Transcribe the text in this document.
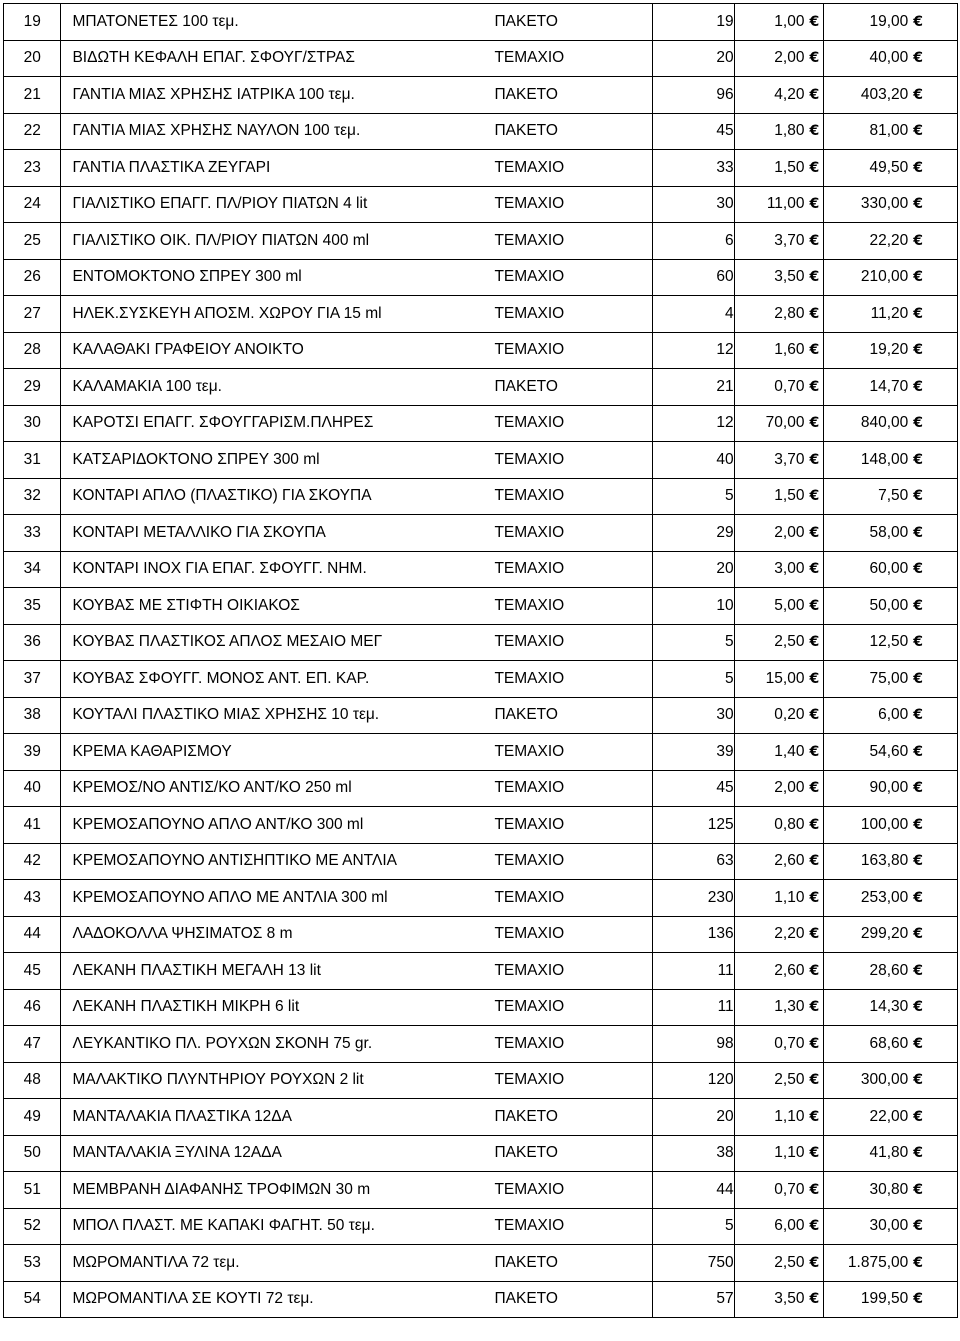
19	ΜΠΑΤΟΝΕΤΕΣ 100 τεμ. ΠΑΚΕΤΟ	19	1,00 €	19,00 €
20	ΒΙΔΩΤΗ ΚΕΦΑΛΗ ΕΠΑΓ. ΣΦΟΥΓ/ΣΤΡΑΣ ΤΕΜΑΧΙΟ	20	2,00 €	40,00 €
21	ΓΑΝΤΙΑ ΜΙΑΣ ΧΡΗΣΗΣ ΙΑΤΡΙΚΑ 100 τεμ. ΠΑΚΕΤΟ	96	4,20 €	403,20 €
22	ΓΑΝΤΙΑ ΜΙΑΣ ΧΡΗΣΗΣ ΝΑΥΛΟΝ 100 τεμ. ΠΑΚΕΤΟ	45	1,80 €	81,00 €
23	ΓΑΝΤΙΑ ΠΛΑΣΤΙΚΑ ΖΕΥΓΑΡΙ ΤΕΜΑΧΙΟ	33	1,50 €	49,50 €
24	ΓΙΑΛΙΣΤΙΚΟ ΕΠΑΓΓ. ΠΛ/ΡΙΟΥ ΠΙΑΤΩΝ 4 lit ΤΕΜΑΧΙΟ	30	11,00 €	330,00 €
25	ΓΙΑΛΙΣΤΙΚΟ ΟΙΚ. ΠΛ/ΡΙΟΥ ΠΙΑΤΩΝ 400 ml ΤΕΜΑΧΙΟ	6	3,70 €	22,20 €
26	ΕΝΤΟΜΟΚΤΟΝΟ ΣΠΡΕΥ 300 ml ΤΕΜΑΧΙΟ	60	3,50 €	210,00 €
27	ΗΛΕΚ.ΣΥΣΚΕΥΗ ΑΠΟΣΜ. ΧΩΡΟΥ ΓΙΑ 15 ml ΤΕΜΑΧΙΟ	4	2,80 €	11,20 €
28	ΚΑΛΑΘΑΚΙ ΓΡΑΦΕΙΟΥ ΑΝΟΙΚΤΟ ΤΕΜΑΧΙΟ	12	1,60 €	19,20 €
29	ΚΑΛΑΜΑΚΙΑ 100 τεμ. ΠΑΚΕΤΟ	21	0,70 €	14,70 €
30	ΚΑΡΟΤΣΙ ΕΠΑΓΓ. ΣΦΟΥΓΓΑΡΙΣΜ.ΠΛΗΡΕΣ ΤΕΜΑΧΙΟ	12	70,00 €	840,00 €
31	ΚΑΤΣΑΡΙΔΟΚΤΟΝΟ ΣΠΡΕΥ 300 ml ΤΕΜΑΧΙΟ	40	3,70 €	148,00 €
32	ΚΟΝΤΑΡΙ ΑΠΛΟ (ΠΛΑΣΤΙΚΟ) ΓΙΑ ΣΚΟΥΠΑ ΤΕΜΑΧΙΟ	5	1,50 €	7,50 €
33	ΚΟΝΤΑΡΙ ΜΕΤΑΛΛΙΚΟ ΓΙΑ ΣΚΟΥΠΑ ΤΕΜΑΧΙΟ	29	2,00 €	58,00 €
34	ΚΟΝΤΑΡΙ ΙΝΟΧ ΓΙΑ ΕΠΑΓ. ΣΦΟΥΓΓ. ΝΗΜ. ΤΕΜΑΧΙΟ	20	3,00 €	60,00 €
35	ΚΟΥΒΑΣ ΜΕ ΣΤΙΦΤΗ ΟΙΚΙΑΚΟΣ ΤΕΜΑΧΙΟ	10	5,00 €	50,00 €
36	ΚΟΥΒΑΣ ΠΛΑΣΤΙΚΟΣ ΑΠΛΟΣ ΜΕΣΑΙΟ ΜΕΓ ΤΕΜΑΧΙΟ	5	2,50 €	12,50 €
37	ΚΟΥΒΑΣ ΣΦΟΥΓΓ. ΜΟΝΟΣ ΑΝΤ. ΕΠ. ΚΑΡ. ΤΕΜΑΧΙΟ	5	15,00 €	75,00 €
38	ΚΟΥΤΑΛΙ ΠΛΑΣΤΙΚΟ ΜΙΑΣ ΧΡΗΣΗΣ 10 τεμ. ΠΑΚΕΤΟ	30	0,20 €	6,00 €
39	ΚΡΕΜΑ ΚΑΘΑΡΙΣΜΟΥ ΤΕΜΑΧΙΟ	39	1,40 €	54,60 €
40	ΚΡΕΜΟΣ/ΝΟ ΑΝΤΙΣ/ΚΟ ΑΝΤ/ΚΟ 250 ml ΤΕΜΑΧΙΟ	45	2,00 €	90,00 €
41	ΚΡΕΜΟΣΑΠΟΥΝΟ ΑΠΛΟ ΑΝΤ/ΚΟ 300 ml ΤΕΜΑΧΙΟ	125	0,80 €	100,00 €
42	ΚΡΕΜΟΣΑΠΟΥΝΟ ΑΝΤΙΣΗΠΤΙΚΟ ΜΕ ΑΝΤΛΙΑ ΤΕΜΑΧΙΟ	63	2,60 €	163,80 €
43	ΚΡΕΜΟΣΑΠΟΥΝΟ ΑΠΛΟ ΜΕ ΑΝΤΛΙΑ 300 ml ΤΕΜΑΧΙΟ	230	1,10 €	253,00 €
44	ΛΑΔΟΚΟΛΛΑ ΨΗΣΙΜΑΤΟΣ 8 m ΤΕΜΑΧΙΟ	136	2,20 €	299,20 €
45	ΛΕΚΑΝΗ ΠΛΑΣΤΙΚΗ ΜΕΓΑΛΗ 13 lit ΤΕΜΑΧΙΟ	11	2,60 €	28,60 €
46	ΛΕΚΑΝΗ ΠΛΑΣΤΙΚΗ ΜΙΚΡΗ 6 lit ΤΕΜΑΧΙΟ	11	1,30 €	14,30 €
47	ΛΕΥΚΑΝΤΙΚΟ ΠΛ. ΡΟΥΧΩΝ ΣΚΟΝΗ 75 gr. ΤΕΜΑΧΙΟ	98	0,70 €	68,60 €
48	ΜΑΛΑΚΤΙΚΟ ΠΛΥΝΤΗΡΙΟΥ ΡΟΥΧΩΝ 2 lit ΤΕΜΑΧΙΟ	120	2,50 €	300,00 €
49	ΜΑΝΤΑΛΑΚΙΑ ΠΛΑΣΤΙΚΑ 12ΔΑ ΠΑΚΕΤΟ	20	1,10 €	22,00 €
50	ΜΑΝΤΑΛΑΚΙΑ ΞΥΛΙΝΑ 12ΑΔΑ ΠΑΚΕΤΟ	38	1,10 €	41,80 €
51	ΜΕΜΒΡΑΝΗ ΔΙΑΦΑΝΗΣ ΤΡΟΦΙΜΩΝ 30 m ΤΕΜΑΧΙΟ	44	0,70 €	30,80 €
52	ΜΠΟΛ ΠΛΑΣΤ. ΜΕ ΚΑΠΑΚΙ ΦΑΓΗΤ. 50 τεμ. ΤΕΜΑΧΙΟ	5	6,00 €	30,00 €
53	ΜΩΡΟΜΑΝΤΙΛΑ 72 τεμ. ΠΑΚΕΤΟ	750	2,50 €	1.875,00 €
54	ΜΩΡΟΜΑΝΤΙΛΑ ΣΕ ΚΟΥΤΙ 72 τεμ. ΠΑΚΕΤΟ	57	3,50 €	199,50 €
